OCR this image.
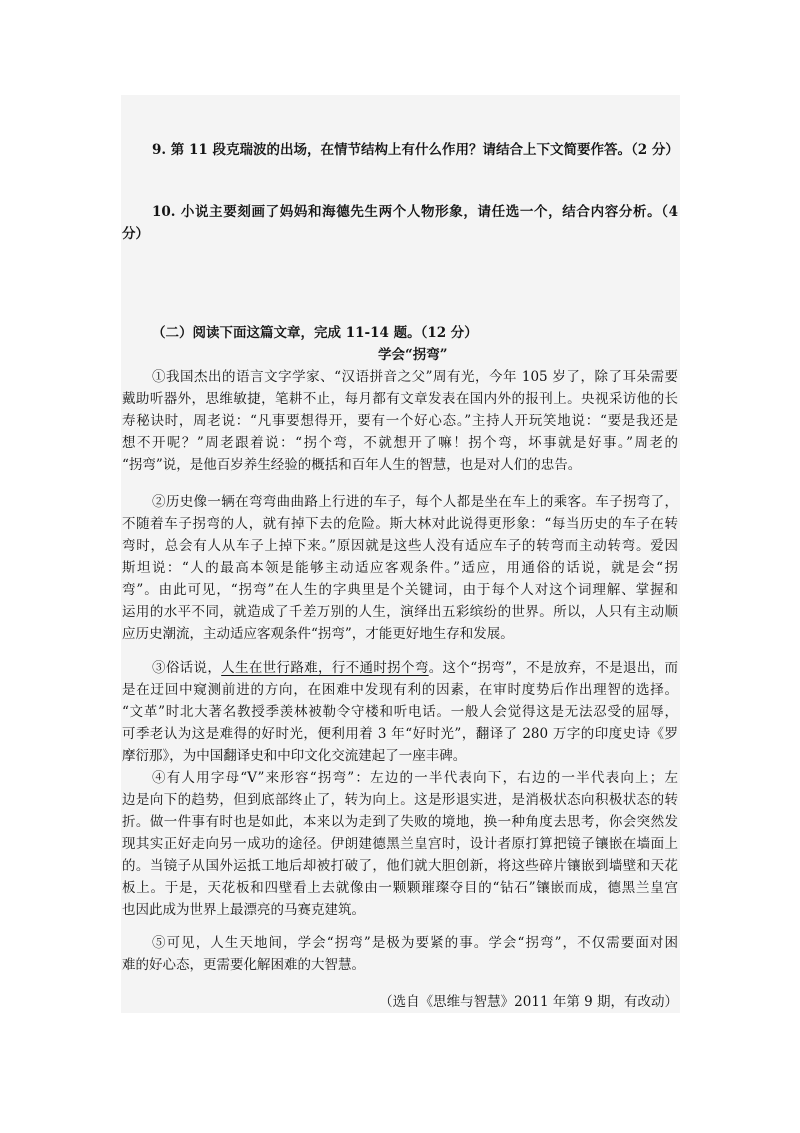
9. 第 11 段克瑞波的出场，在情节结构上有什么作用？请结合上下文简要作答。（2 分）
10. 小说主要刻画了妈妈和海德先生两个人物形象，请任选一个，结合内容分析。（4
分）
（二）阅读下面这篇文章，完成 11-14 题。（12 分）
学会“拐弯”
①我国杰出的语言文字学家、“汉语拼音之父”周有光，今年 105 岁了，除了耳朵需要
戴助听器外，思维敏捷，笔耕不止，每月都有文章发表在国内外的报刊上。央视采访他的长
寿秘诀时，周老说：“凡事要想得开，要有一个好心态。”主持人开玩笑地说：“要是我还是
想不开呢？”周老跟着说：“拐个弯，不就想开了嘛！拐个弯，坏事就是好事。”周老的
“拐弯”说，是他百岁养生经验的概括和百年人生的智慧，也是对人们的忠告。
②历史像一辆在弯弯曲曲路上行进的车子，每个人都是坐在车上的乘客。车子拐弯了，
不随着车子拐弯的人，就有掉下去的危险。斯大林对此说得更形象：“每当历史的车子在转
弯时，总会有人从车子上掉下来。”原因就是这些人没有适应车子的转弯而主动转弯。爱因
斯坦说：“人的最高本领是能够主动适应客观条件。”适应，用通俗的话说，就是会“拐
弯”。由此可见，“拐弯”在人生的字典里是个关键词，由于每个人对这个词理解、掌握和
运用的水平不同，就造成了千差万别的人生，演绎出五彩缤纷的世界。所以，人只有主动顺
应历史潮流，主动适应客观条件“拐弯”，才能更好地生存和发展。
③俗话说，人生在世行路难，行不通时拐个弯。这个“拐弯”，不是放弃，不是退出，而
是在迂回中窥测前进的方向，在困难中发现有利的因素，在审时度势后作出理智的选择。
“文革”时北大著名教授季羡林被勒令守楼和听电话。一般人会觉得这是无法忍受的屈辱，
可季老认为这是难得的好时光，便利用着 3 年“好时光”，翻译了 280 万字的印度史诗《罗
摩衍那》，为中国翻译史和中印文化交流建起了一座丰碑。
④有人用字母“V”来形容“拐弯”：左边的一半代表向下，右边的一半代表向上；左
边是向下的趋势，但到底部终止了，转为向上。这是形退实进，是消极状态向积极状态的转
折。做一件事有时也是如此，本来以为走到了失败的境地，换一种角度去思考，你会突然发
现其实正好走向另一成功的途径。伊朗建德黑兰皇宫时，设计者原打算把镜子镶嵌在墙面上
的。当镜子从国外运抵工地后却被打破了，他们就大胆创新，将这些碎片镶嵌到墙壁和天花
板上。于是，天花板和四壁看上去就像由一颗颗璀璨夺目的“钻石”镶嵌而成，德黑兰皇宫
也因此成为世界上最漂亮的马赛克建筑。
⑤可见，人生天地间，学会“拐弯”是极为要紧的事。学会“拐弯”，不仅需要面对困
难的好心态，更需要化解困难的大智慧。
（选自《思维与智慧》2011 年第 9 期，有改动）
